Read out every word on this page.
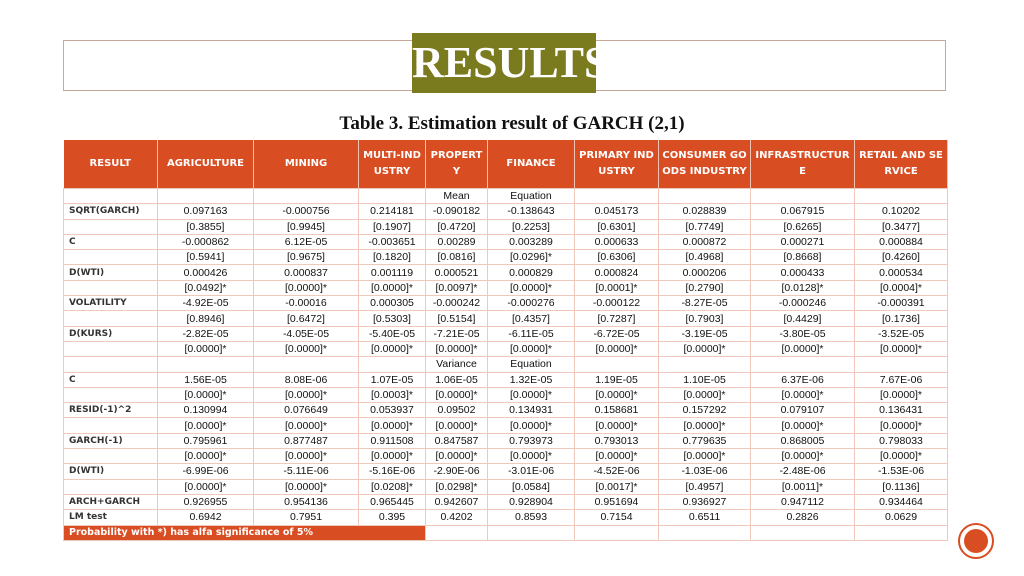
RESULTS
Table 3. Estimation result of GARCH (2,1)
RESULT	AGRICULTURE	MINING	MULTI-INDUSTRY	PROPERTY	FINANCE	PRIMARY INDUSTRY	CONSUMER GOODS INDUSTRY	INFRASTRUCTURE	RETAIL AND SERVICE
				Mean	Equation				
SQRT(GARCH)	0.097163	-0.000756	0.214181	-0.090182	-0.138643	0.045173	0.028839	0.067915	0.10202
	[0.3855]	[0.9945]	[0.1907]	[0.4720]	[0.2253]	[0.6301]	[0.7749]	[0.6265]	[0.3477]
C	-0.000862	6.12E-05	-0.003651	0.00289	0.003289	0.000633	0.000872	0.000271	0.000884
	[0.5941]	[0.9675]	[0.1820]	[0.0816]	[0.0296]*	[0.6306]	[0.4968]	[0.8668]	[0.4260]
D(WTI)	0.000426	0.000837	0.001119	0.000521	0.000829	0.000824	0.000206	0.000433	0.000534
	[0.0492]*	[0.0000]*	[0.0000]*	[0.0097]*	[0.0000]*	[0.0001]*	[0.2790]	[0.0128]*	[0.0004]*
VOLATILITY	-4.92E-05	-0.00016	0.000305	-0.000242	-0.000276	-0.000122	-8.27E-05	-0.000246	-0.000391
	[0.8946]	[0.6472]	[0.5303]	[0.5154]	[0.4357]	[0.7287]	[0.7903]	[0.4429]	[0.1736]
D(KURS)	-2.82E-05	-4.05E-05	-5.40E-05	-7.21E-05	-6.11E-05	-6.72E-05	-3.19E-05	-3.80E-05	-3.52E-05
	[0.0000]*	[0.0000]*	[0.0000]*	[0.0000]*	[0.0000]*	[0.0000]*	[0.0000]*	[0.0000]*	[0.0000]*
				Variance	Equation				
C	1.56E-05	8.08E-06	1.07E-05	1.06E-05	1.32E-05	1.19E-05	1.10E-05	6.37E-06	7.67E-06
	[0.0000]*	[0.0000]*	[0.0003]*	[0.0000]*	[0.0000]*	[0.0000]*	[0.0000]*	[0.0000]*	[0.0000]*
RESID(-1)^2	0.130994	0.076649	0.053937	0.09502	0.134931	0.158681	0.157292	0.079107	0.136431
	[0.0000]*	[0.0000]*	[0.0000]*	[0.0000]*	[0.0000]*	[0.0000]*	[0.0000]*	[0.0000]*	[0.0000]*
GARCH(-1)	0.795961	0.877487	0.911508	0.847587	0.793973	0.793013	0.779635	0.868005	0.798033
	[0.0000]*	[0.0000]*	[0.0000]*	[0.0000]*	[0.0000]*	[0.0000]*	[0.0000]*	[0.0000]*	[0.0000]*
D(WTI)	-6.99E-06	-5.11E-06	-5.16E-06	-2.90E-06	-3.01E-06	-4.52E-06	-1.03E-06	-2.48E-06	-1.53E-06
	[0.0000]*	[0.0000]*	[0.0208]*	[0.0298]*	[0.0584]	[0.0017]*	[0.4957]	[0.0011]*	[0.1136]
ARCH+GARCH	0.926955	0.954136	0.965445	0.942607	0.928904	0.951694	0.936927	0.947112	0.934464
LM test	0.6942	0.7951	0.395	0.4202	0.8593	0.7154	0.6511	0.2826	0.0629
Probability with *) has alfa significance of 5%									
